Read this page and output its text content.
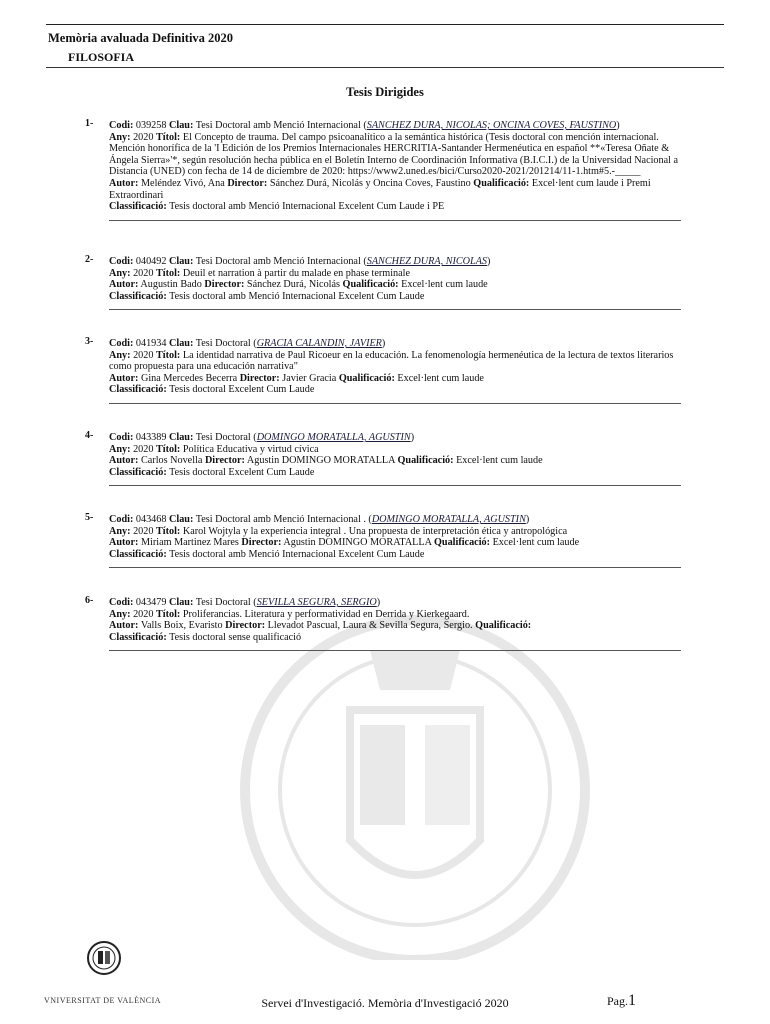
Memòria avaluada Definitiva 2020
FILOSOFIA
Tesis Dirigides
1- Codi: 039258 Clau: Tesi Doctoral amb Menció Internacional (SANCHEZ DURA, NICOLAS; ONCINA COVES, FAUSTINO)

Any: 2020 Títol: El Concepto de trauma. Del campo psicoanalítico a la semántica histórica (Tesis doctoral con mención internacional. Mención honorífica de la 'I Edición de los Premios Internacionales HERCRITIA-Santander Hermenéutica en español **«Teresa Oñate & Ángela Sierra»'*, según resolución hecha pública en el Boletín Interno de Coordinación Informativa (B.I.C.I.) de la Universidad Nacional a Distancia (UNED) con fecha de 14 de diciembre de 2020: https://www2.uned.es/bici/Curso2020-2021/201214/11-1.htm#5.-_____

Autor: Meléndez Vivó, Ana Director: Sánchez Durá, Nicolás y Oncina Coves, Faustino Qualificació: Excel·lent cum laude i Premi Extraordinari

Classificació: Tesis doctoral amb Menció Internacional Excelent Cum Laude i PE

2- Codi: 040492 Clau: Tesi Doctoral amb Menció Internacional (SANCHEZ DURA, NICOLAS)

Any: 2020 Títol: Deuil et narration à partir du malade en phase terminale

Autor: Augustin Bado Director: Sánchez Durá, Nicolás Qualificació: Excel·lent cum laude

Classificació: Tesis doctoral amb Menció Internacional Excelent Cum Laude

3- Codi: 041934 Clau: Tesi Doctoral (GRACIA CALANDIN, JAVIER)

Any: 2020 Títol: La identidad narrativa de Paul Ricoeur en la educación. La fenomenología hermenéutica de la lectura de textos literarios como propuesta para una educación narrativa"

Autor: Gina Mercedes Becerra Director: Javier Gracia Qualificació: Excel·lent cum laude

Classificació: Tesis doctoral Excelent Cum Laude

4- Codi: 043389 Clau: Tesi Doctoral (DOMINGO MORATALLA, AGUSTIN)

Any: 2020 Títol: Política Educativa y virtud cívica

Autor: Carlos Novella Director: Agustin DOMINGO MORATALLA Qualificació: Excel·lent cum laude

Classificació: Tesis doctoral Excelent Cum Laude

5- Codi: 043468 Clau: Tesi Doctoral amb Menció Internacional . (DOMINGO MORATALLA, AGUSTIN)

Any: 2020 Títol: Karol Wojtyla y la experiencia integral . Una propuesta de interpretación ética y antropológica

Autor: Miriam Martinez Mares Director: Agustin DOMINGO MORATALLA Qualificació: Excel·lent cum laude

Classificació: Tesis doctoral amb Menció Internacional Excelent Cum Laude

6- Codi: 043479 Clau: Tesi Doctoral (SEVILLA SEGURA, SERGIO)

Any: 2020 Títol: Proliferancias. Literatura y performatividad en Derrida y Kierkegaard.

Autor: Valls Boix, Evaristo Director: Llevadot Pascual, Laura & Sevilla Segura, Sergio. Qualificació:

Classificació: Tesis doctoral sense qualificació

VNIVERSITAT DE VALÈNCIA	Servei d'Investigació. Memòria d'Investigació 2020	Pag.1
